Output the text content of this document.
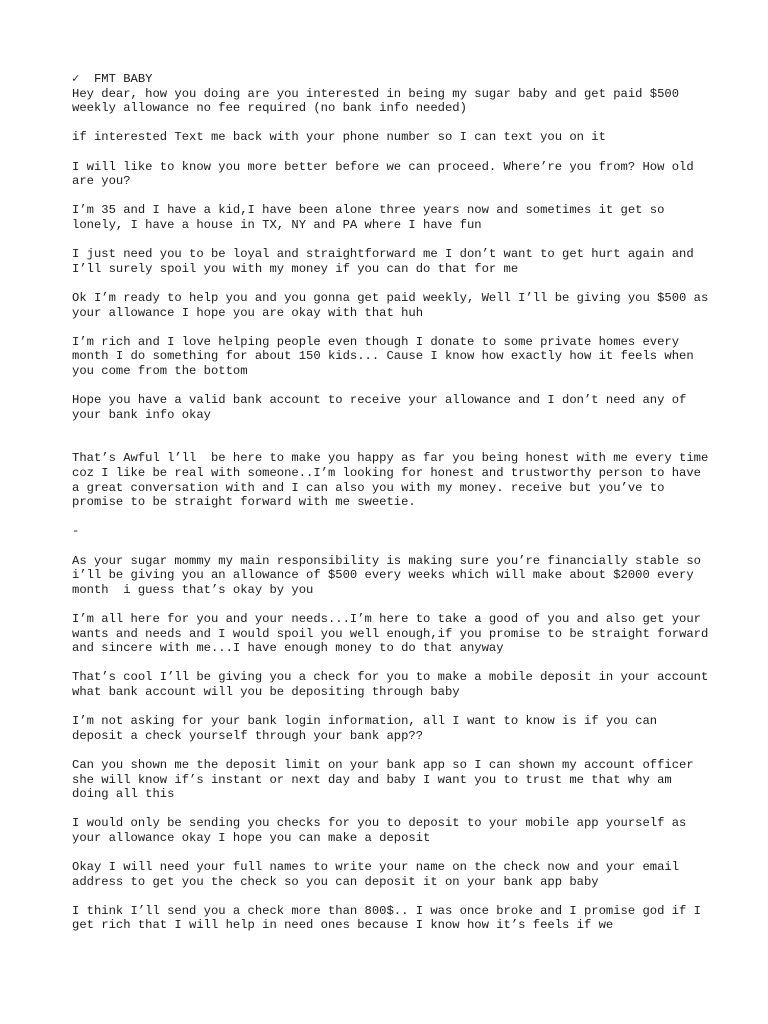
✓  FMT BABY
Hey dear, how you doing are you interested in being my sugar baby and get paid $500 weekly allowance no fee required (no bank info needed)
if interested Text me back with your phone number so I can text you on it
I will like to know you more better before we can proceed. Where’re you from? How old are you?
I’m 35 and I have a kid,I have been alone three years now and sometimes it get so lonely, I have a house in TX, NY and PA where I have fun
I just need you to be loyal and straightforward me I don’t want to get hurt again and I’ll surely spoil you with my money if you can do that for me
Ok I’m ready to help you and you gonna get paid weekly, Well I’ll be giving you $500 as your allowance I hope you are okay with that huh
I’m rich and I love helping people even though I donate to some private homes every month I do something for about 150 kids... Cause I know how exactly how it feels when you come from the bottom
Hope you have a valid bank account to receive your allowance and I don’t need any of your bank info okay
That’s Awful l’ll  be here to make you happy as far you being honest with me every time coz I like be real with someone..I’m looking for honest and trustworthy person to have a great conversation with and I can also you with my money. receive but you’ve to promise to be straight forward with me sweetie.
-
As your sugar mommy my main responsibility is making sure you’re financially stable so i’ll be giving you an allowance of $500 every weeks which will make about $2000 every month  i guess that’s okay by you
I’m all here for you and your needs...I’m here to take a good of you and also get your wants and needs and I would spoil you well enough,if you promise to be straight forward and sincere with me...I have enough money to do that anyway
That’s cool I’ll be giving you a check for you to make a mobile deposit in your account what bank account will you be depositing through baby
I’m not asking for your bank login information, all I want to know is if you can deposit a check yourself through your bank app??
Can you shown me the deposit limit on your bank app so I can shown my account officer she will know if’s instant or next day and baby I want you to trust me that why am doing all this
I would only be sending you checks for you to deposit to your mobile app yourself as your allowance okay I hope you can make a deposit
Okay I will need your full names to write your name on the check now and your email address to get you the check so you can deposit it on your bank app baby
I think I’ll send you a check more than 800$.. I was once broke and I promise god if I get rich that I will help in need ones because I know how it’s feels if we
